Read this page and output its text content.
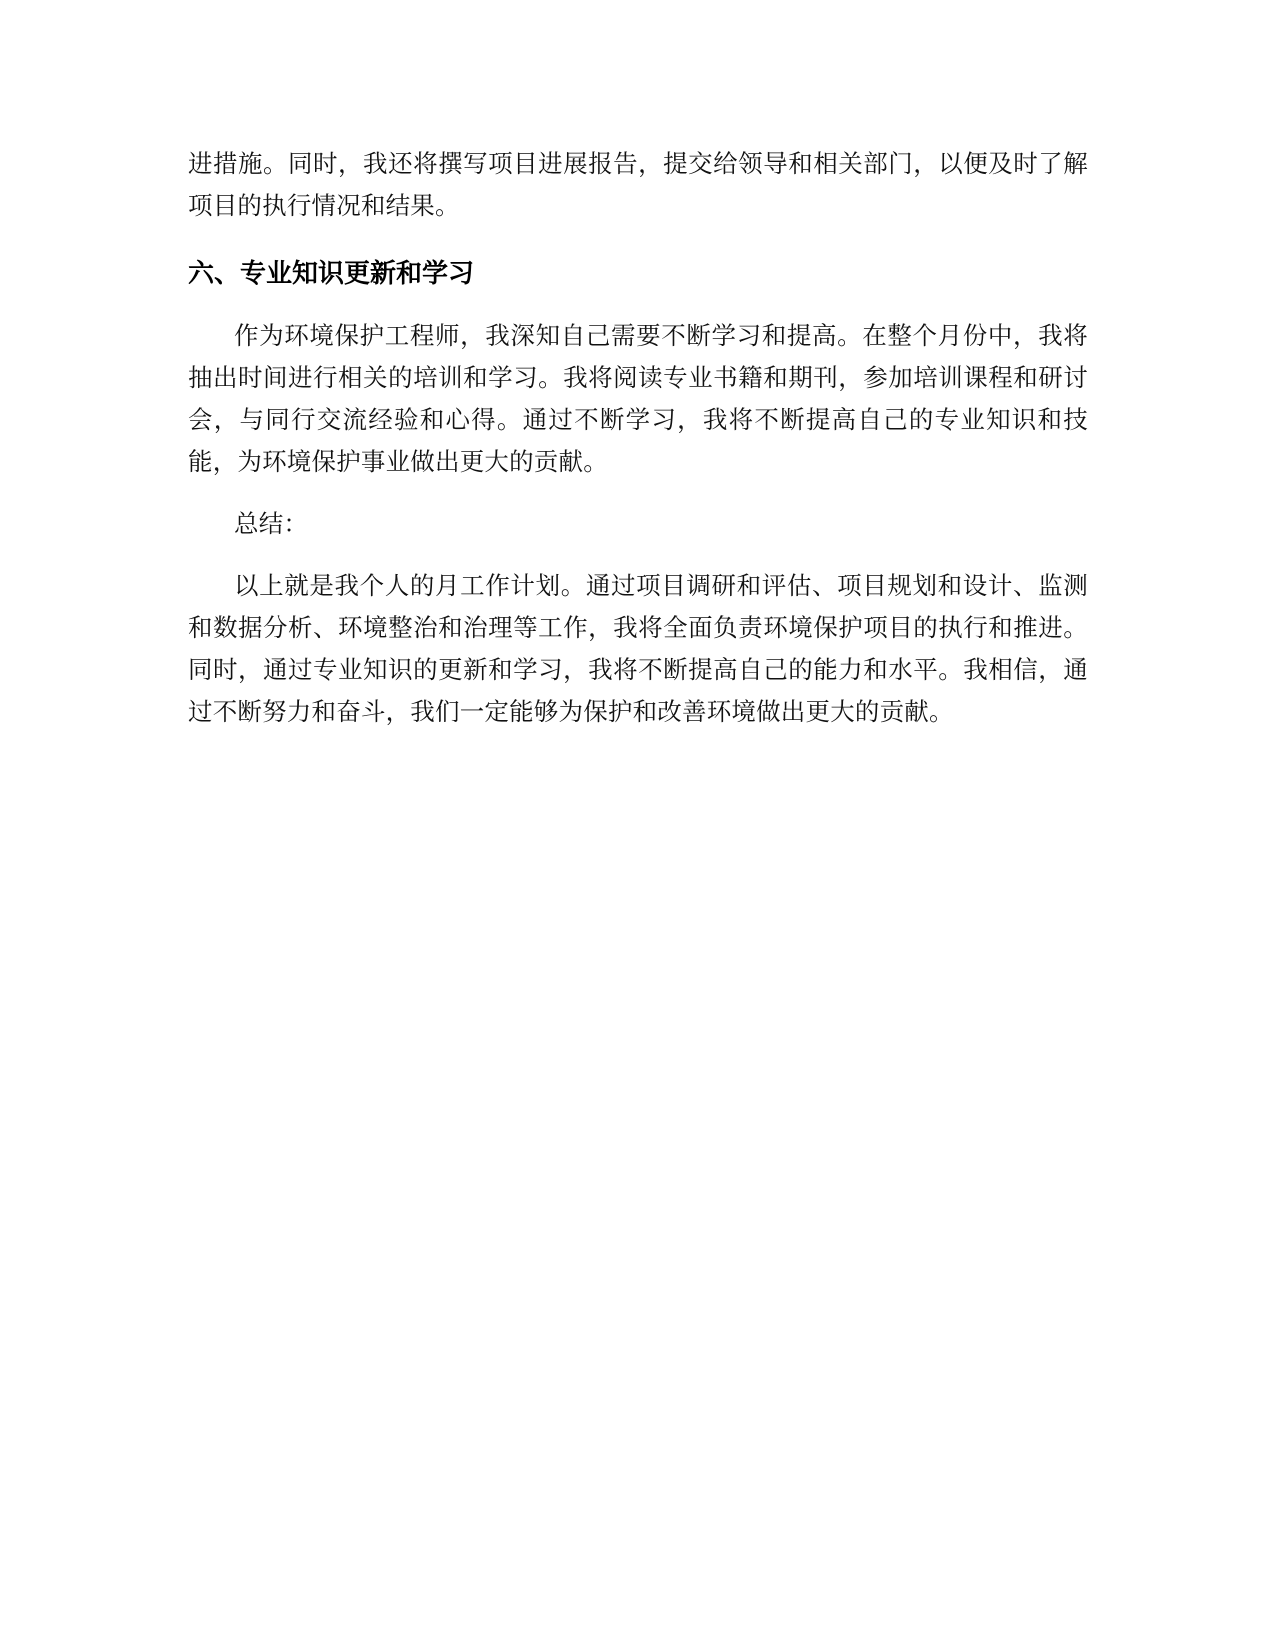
进措施。同时，我还将撰写项目进展报告，提交给领导和相关部门，以便及时了解项目的执行情况和结果。

六、专业知识更新和学习

作为环境保护工程师，我深知自己需要不断学习和提高。在整个月份中，我将抽出时间进行相关的培训和学习。我将阅读专业书籍和期刊，参加培训课程和研讨会，与同行交流经验和心得。通过不断学习，我将不断提高自己的专业知识和技能，为环境保护事业做出更大的贡献。

总结：

以上就是我个人的月工作计划。通过项目调研和评估、项目规划和设计、监测和数据分析、环境整治和治理等工作，我将全面负责环境保护项目的执行和推进。同时，通过专业知识的更新和学习，我将不断提高自己的能力和水平。我相信，通过不断努力和奋斗，我们一定能够为保护和改善环境做出更大的贡献。
